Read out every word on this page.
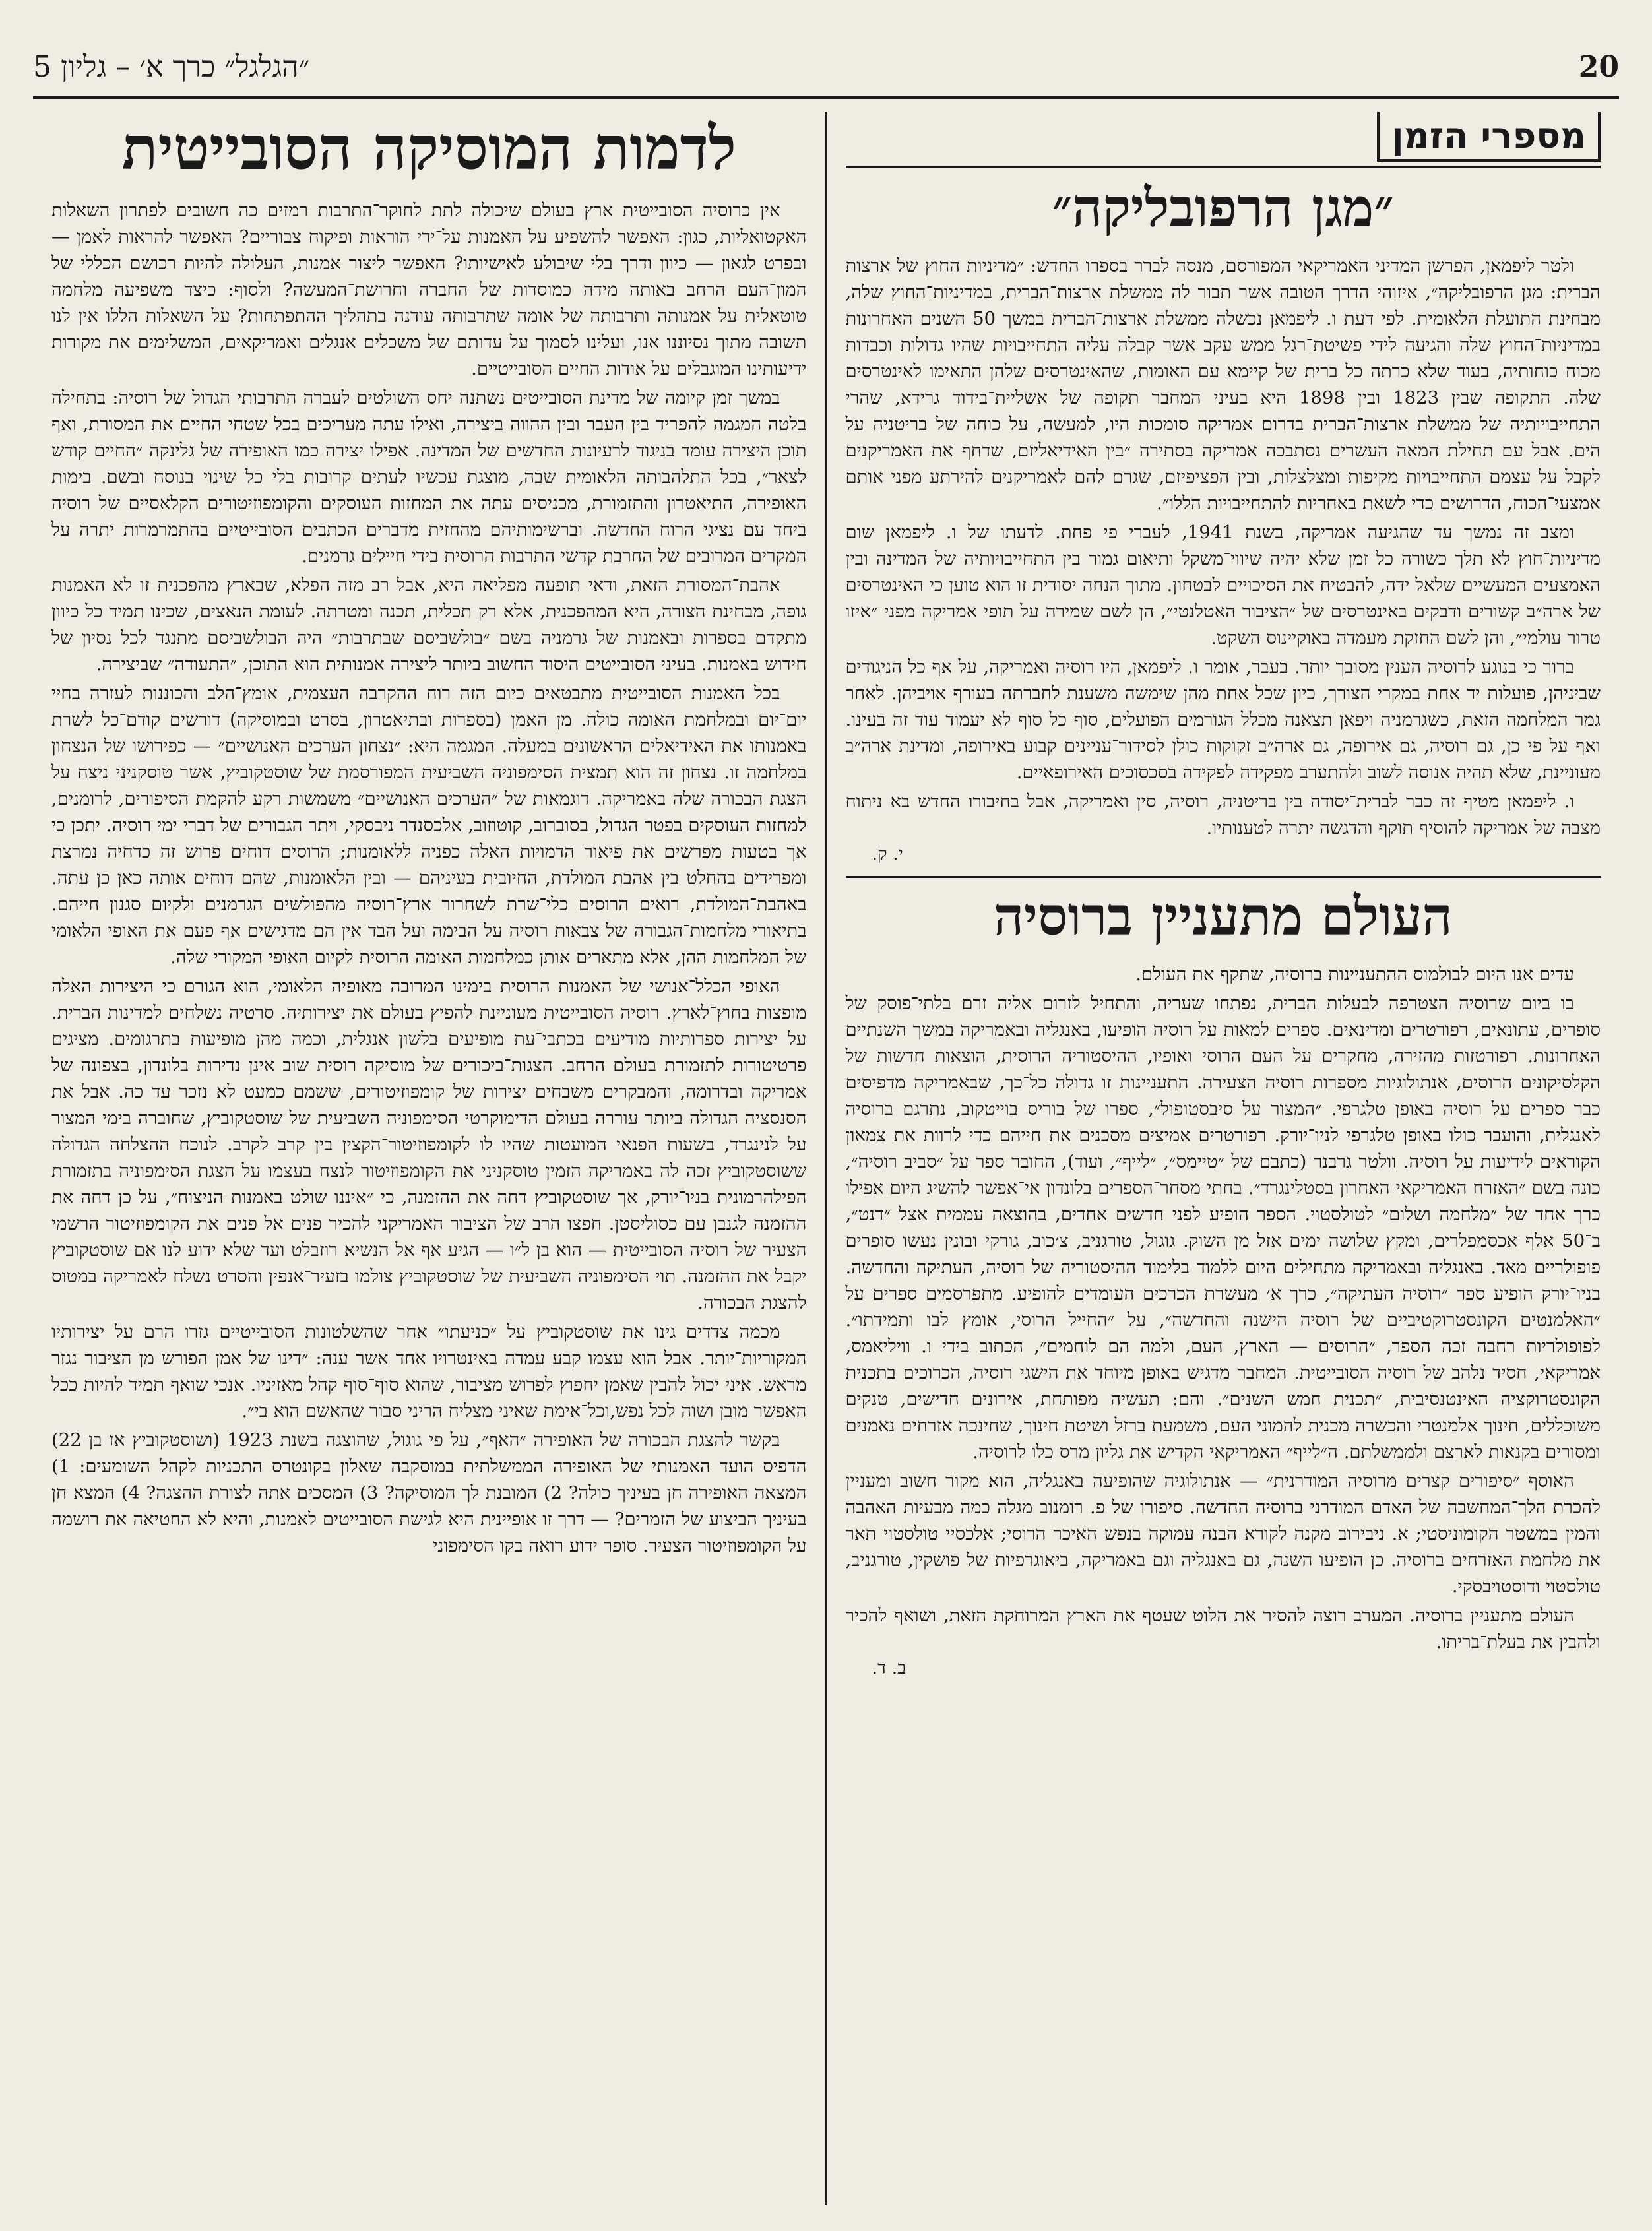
״הגלגל״ כרך א׳ – גליון 5	20
מספרי הזמן
״מגן הרפובליקה״

ולטר ליפמאן, הפרשן המדיני האמריקאי המפורסם, מנסה לברר בספרו החדש: ״מדיניות החוץ של ארצות הברית: מגן הרפובליקה״, איזוהי הדרך הטובה אשר תבור לה ממשלת ארצות־הברית, במדיניות־החוץ שלה, מבחינת התועלת הלאומית. לפי דעת ו. ליפמאן נכשלה ממשלת ארצות־הברית במשך 50 השנים האחרונות במדיניות־החוץ שלה והגיעה לידי פשיטת־רגל ממש עקב אשר קבלה עליה התחייבויות שהיו גדולות וכבדות מכוח כוחותיה, בעוד שלא כרתה כל ברית של קיימא עם האומות, שהאינטרסים שלהן התאימו לאינטרסים שלה. התקופה שבין 1823 ובין 1898 היא בעיני המחבר תקופה של אשליית־בידוד גרידא, שהרי התחייבויותיה של ממשלת ארצות־הברית בדרום אמריקה סומכות היו, למעשה, על כוחה של בריטניה על הים. אבל עם תחילת המאה העשרים נסתבכה אמריקה בסתירה ״בין האידיאליזם, שדחף את האמריקנים לקבל על עצמם התחייבויות מקיפות ומצלצלות, ובין הפציפיזם, שגרם להם לאמריקנים להירתע מפני אותם אמצעי־הכוח, הדרושים כדי לשאת באחריות להתחייבויות הללו״.

ומצב זה נמשך עד שהגיעה אמריקה, בשנת 1941, לעברי פי פחת. לדעתו של ו. ליפמאן שום מדיניות־חוץ לא תלך כשורה כל זמן שלא יהיה שיווי־משקל ותיאום גמור בין התחייבויותיה של המדינה ובין האמצעים המעשיים שלאל ידה, להבטיח את הסיכויים לבטחון. מתוך הנחה יסודית זו הוא טוען כי האינטרסים של ארה״ב קשורים ודבקים באינטרסים של ״הציבור האטלנטי״, הן לשם שמירה על תופי אמריקה מפני ״איזו טרור עולמי״, והן לשם החזקת מעמדה באוקיינוס השקט.

ברור כי בנוגע לרוסיה הענין מסובך יותר. בעבר, אומר ו. ליפמאן, היו רוסיה ואמריקה, על אף כל הניגודים שביניהן, פועלות יד אחת במקרי הצורך, כיון שכל אחת מהן שימשה משענת לחברתה בעורף אויביהן. לאחר גמר המלחמה הזאת, כשגרמניה ויפאן תצאנה מכלל הגורמים הפועלים, סוף כל סוף לא יעמוד עוד זה בעינו. ואף על פי כן, גם רוסיה, גם אירופה, גם ארה״ב זקוקות כולן לסידור־עניינים קבוע באירופה, ומדינת ארה״ב מעוניינת, שלא תהיה אנוסה לשוב ולהתערב מפקידה לפקידה בסכסוכים האירופאיים.

ו. ליפמאן מטיף זה כבר לברית־יסודה בין בריטניה, רוסיה, סין ואמריקה, אבל בחיבורו החדש בא ניתוח מצבה של אמריקה להוסיף תוקף והדגשה יתרה לטענותיו.

י. ק.
העולם מתעניין ברוסיה

עדים אנו היום לבולמוס ההתעניינות ברוסיה, שתקף את העולם.

בו ביום שרוסיה הצטרפה לבעלות הברית, נפתחו שעריה, והתחיל לזרום אליה זרם בלתי־פוסק של סופרים, עתונאים, רפורטרים ומדינאים. ספרים למאות על רוסיה הופיעו, באנגליה ובאמריקה במשך השנתיים האחרונות. רפורטזות מהזירה, מחקרים על העם הרוסי ואופיו, ההיסטוריה הרוסית, הוצאות חדשות של הקלסיקונים הרוסים, אנתולוגיות מספרות רוסיה הצעירה. התעניינות זו גדולה כל־כך, שבאמריקה מדפיסים כבר ספרים על רוסיה באופן טלגרפי. ״המצור על סיבסטופול״, ספרו של בוריס בוייטקוב, נתרגם ברוסיה לאנגלית, והועבר כולו באופן טלגרפי לניו־יורק. רפורטרים אמיצים מסכנים את חייהם כדי לרוות את צמאון הקוראים לידיעות על רוסיה. וולטר גרבנר (כתבם של ״טיימס״, ״לייף״, ועוד), החובר ספר על ״סביב רוסיה״, כונה בשם ״האזרח האמריקאי האחרון בסטלינגרד״. בחתי מסחר־הספרים בלונדון אי־אפשר להשיג היום אפילו כרך אחד של ״מלחמה ושלום״ לטולסטוי. הספר הופיע לפני חדשים אחדים, בהוצאה עממית אצל ״דנט״, ב־50 אלף אכסמפלרים, ומקץ שלושה ימים אזל מן השוק. גוגול, טורגניב, צ׳כוב, גורקי ובונין נעשו סופרים פופולריים מאד. באנגליה ובאמריקה מתחילים היום ללמוד בלימוד ההיסטוריה של רוסיה, העתיקה והחדשה. בניו־יורק הופיע ספר ״רוסיה העתיקה״, כרך א׳ מעשרת הכרכים העומדים להופיע. מתפרסמים ספרים על ״האלמנטים הקונסטרוקטיביים של רוסיה הישנה והחדשה״, על ״החייל הרוסי, אומץ לבו ותמידתו״. לפופולריות רחבה זכה הספר, ״הרוסים — הארץ, העם, ולמה הם לוחמים״, הכתוב בידי ו. וויליאמס, אמריקאי, חסיד נלהב של רוסיה הסובייטית. המחבר מדגיש באופן מיוחד את הישגי רוסיה, הכרוכים בתכנית הקונסטרוקציה האינטנסיבית, ״תכנית חמש השנים״. והם: תעשיה מפותחת, אירונים חדישים, טנקים משוכללים, חינוך אלמנטרי והכשרה מכנית להמוני העם, משמעת ברזל ושיטת חינוך, שחינכה אזרחים נאמנים ומסורים בקנאות לארצם ולממשלתם. ה״לייף״ האמריקאי הקדיש את גליון מרס כלו לרוסיה.

האוסף ״סיפורים קצרים מרוסיה המודרנית״ — אנתולוגיה שהופיעה באנגליה, הוא מקור חשוב ומעניין להכרת הלך־המחשבה של האדם המודרני ברוסיה החדשה. סיפורו של פ. רומנוב מגלה כמה מבעיות האהבה והמין במשטר הקומוניסטי; א. ניבירוב מקנה לקורא הבנה עמוקה בנפש האיכר הרוסי; אלכסיי טולסטוי תאר את מלחמת האזרחים ברוסיה. כן הופיעו השנה, גם באנגליה וגם באמריקה, ביאוגרפיות של פושקין, טורגניב, טולסטוי ודוסטויבסקי.

העולם מתעניין ברוסיה. המערב רוצה להסיר את הלוט שעטף את הארץ המרוחקת הזאת, ושואף להכיר ולהבין את בעלת־בריתו.

ב. ד.
לדמות המוסיקה הסובייטית

אין כרוסיה הסובייטית ארץ בעולם שיכולה לתת לחוקר־התרבות רמזים כה חשובים לפתרון השאלות האקטואליות, כגון: האפשר להשפיע על האמנות על־ידי הוראות ופיקוח צבוריים? האפשר להראות לאמן — ובפרט לגאון — כיוון ודרך בלי שיבולע לאישיותו? האפשר ליצור אמנות, העלולה להיות רכושם הכללי של המון־העם הרחב באותה מידה כמוסדות של החברה וחרושת־המעשה? ולסוף: כיצד משפיעה מלחמה טוטאלית על אמנותה ותרבותה של אומה שתרבותה עודנה בתהליך ההתפתחות? על השאלות הללו אין לנו תשובה מתוך נסיוננו אנו, ועלינו לסמוך על עדותם של משכלים אנגלים ואמריקאים, המשלימים את מקורות ידיעותינו המוגבלים על אודות החיים הסובייטיים.

במשך זמן קיומה של מדינת הסובייטים נשתנה יחס השולטים לעברה התרבותי הגדול של רוסיה: בתחילה בלטה המגמה להפריד בין העבר ובין ההווה ביצירה, ואילו עתה מעריכים בכל שטחי החיים את המסורת, ואף תוכן היצירה עומד בניגוד לרעיונות החדשים של המדינה. אפילו יצירה כמו האופירה של גלינקה ״החיים קודש לצאר״, בכל התלהבותה הלאומית שבה, מוצגת עכשיו לעתים קרובות בלי כל שינוי בנוסח ובשם. בימות האופירה, התיאטרון והתזמורת, מכניסים עתה את המחזות העוסקים והקומפוזיטורים הקלאסיים של רוסיה ביחד עם נציגי הרוח החדשה. וברשימותיהם מהחזית מדברים הכתבים הסובייטיים בהתמרמרות יתרה על המקרים המרובים של החרבת קדשי התרבות הרוסית בידי חיילים גרמנים.

אהבת־המסורת הזאת, ודאי תופעה מפליאה היא, אבל רב מזה הפלא, שבארץ מהפכנית זו לא האמנות גופה, מבחינת הצורה, היא המהפכנית, אלא רק תכלית, תכנה ומטרתה. לעומת הנאצים, שכינו תמיד כל כיוון מתקדם בספרות ובאמנות של גרמניה בשם ״בולשביסם שבתרבות״ היה הבולשביסם מתנגד לכל נסיון של חידוש באמנות. בעיני הסובייטים היסוד החשוב ביותר ליצירה אמנותית הוא התוכן, ״התעודה״ שביצירה.

בכל האמנות הסובייטית מתבטאים כיום הזה רוח ההקרבה העצמית, אומץ־הלב והכוננות לעזרה בחיי יום־יום ובמלחמת האומה כולה. מן האמן (בספרות ובתיאטרון, בסרט ובמוסיקה) דורשים קודם־כל לשרת באמנותו את האידיאלים הראשונים במעלה. המגמה היא: ״נצחון הערכים האנושיים״ — כפירושו של הנצחון במלחמה זו. נצחון זה הוא תמצית הסימפוניה השביעית המפורסמת של שוסטקוביץ, אשר טוסקניני ניצח על הצגת הבכורה שלה באמריקה. דוגמאות של ״הערכים האנושיים״ משמשות רקע להקמת הסיפורים, לרומנים, למחזות העוסקים בפטר הגדול, בסוברוב, קוטוזוב, אלכסנדר ניבסקי, ויתר הגבורים של דברי ימי רוסיה. יתכן כי אך בטעות מפרשים את פיאור הדמויות האלה כפניה ללאומנות; הרוסים דוחים פרוש זה כדחיה נמרצת ומפרידים בהחלט בין אהבת המולדת, החיובית בעיניהם — ובין הלאומנות, שהם דוחים אותה כאן כן עתה. באהבת־המולדת, רואים הרוסים כלי־שרת לשחרור ארץ־רוסיה מהפולשים הגרמנים ולקיום סגנון חייהם. בתיאורי מלחמות־הגבורה של צבאות רוסיה על הבימה ועל הבד אין הם מדגישים אף פעם את האופי הלאומי של המלחמות ההן, אלא מתארים אותן כמלחמות האומה הרוסית לקיום האופי המקורי שלה.

האופי הכלל־אנושי של האמנות הרוסית בימינו המרובה מאופיה הלאומי, הוא הגורם כי היצירות האלה מופצות בחוץ־לארץ. רוסיה הסובייטית מעוניינת להפיץ בעולם את יצירותיה. סרטיה נשלחים למדינות הברית. על יצירות ספרותיות מודיעים בכתבי־עת מופיעים בלשון אנגלית, וכמה מהן מופיעות בתרגומים. מציגים פרטיטורות לתזמורת בעולם הרחב. הצגות־ביכורים של מוסיקה רוסית שוב אינן נדירות בלונדון, בצפונה של אמריקה ובדרומה, והמבקרים משבחים יצירות של קומפוזיטורים, ששמם כמעט לא נזכר עד כה. אבל את הסנסציה הגדולה ביותר עוררה בעולם הדימוקרטי הסימפוניה השביעית של שוסטקוביץ, שחוברה בימי המצור על לנינגרד, בשעות הפנאי המועטות שהיו לו לקומפוזיטור־הקצין בין קרב לקרב. לנוכח ההצלחה הגדולה ששוסטקוביץ זכה לה באמריקה הזמין טוסקניני את הקומפוזיטור לנצח בעצמו על הצגת הסימפוניה בתזמורת הפילהרמונית בניו־יורק, אך שוסטקוביץ דחה את ההזמנה, כי ״איננו שולט באמנות הניצוח״, על כן דחה את ההזמנה לגנבן עם כסוליסטן. חפצו הרב של הציבור האמריקני להכיר פנים אל פנים את הקומפוזיטור הרשמי הצעיר של רוסיה הסובייטית — הוא בן ל״ו — הגיע אף אל הנשיא רוזבלט ועד שלא ידוע לנו אם שוסטקוביץ יקבל את ההזמנה. תוי הסימפוניה השביעית של שוסטקוביץ צולמו בזעיר־אנפין והסרט נשלח לאמריקה במטוס להצגת הבכורה.

מכמה צדדים גינו את שוסטקוביץ על ״כניעתו״ אחר שהשלטונות הסובייטיים גזרו הרם על יצירותיו המקוריות־יותר. אבל הוא עצמו קבע עמדה באינטרויו אחד אשר ענה: ״דינו של אמן הפורש מן הציבור נגזר מראש. איני יכול להבין שאמן יחפוץ לפרוש מציבור, שהוא סוף־סוף קהל מאזיניו. אנכי שואף תמיד להיות ככל האפשר מובן ושוה לכל נפש,וכל־אימת שאיני מצליח הריני סבור שהאשם הוא בי״.

בקשר להצגת הבכורה של האופירה ״האף״, על פי גוגול, שהוצגה בשנת 1923 (ושוסטקוביץ אז בן 22) הדפיס הועד האמנותי של האופירה הממשלתית במוסקבה שאלון בקונטרס התכניות לקהל השומעים: 1) המצאה האופירה חן בעיניך כולה? 2) המובנת לך המוסיקה? 3) המסכים אתה לצורת ההצגה? 4) המצא חן בעיניך הביצוע של הזמרים? — דרך זו אופיינית היא לגישת הסובייטים לאמנות, והיא לא החטיאה את רושמה על הקומפוזיטור הצעיר. סופר ידוע רואה בקו הסימפוני
